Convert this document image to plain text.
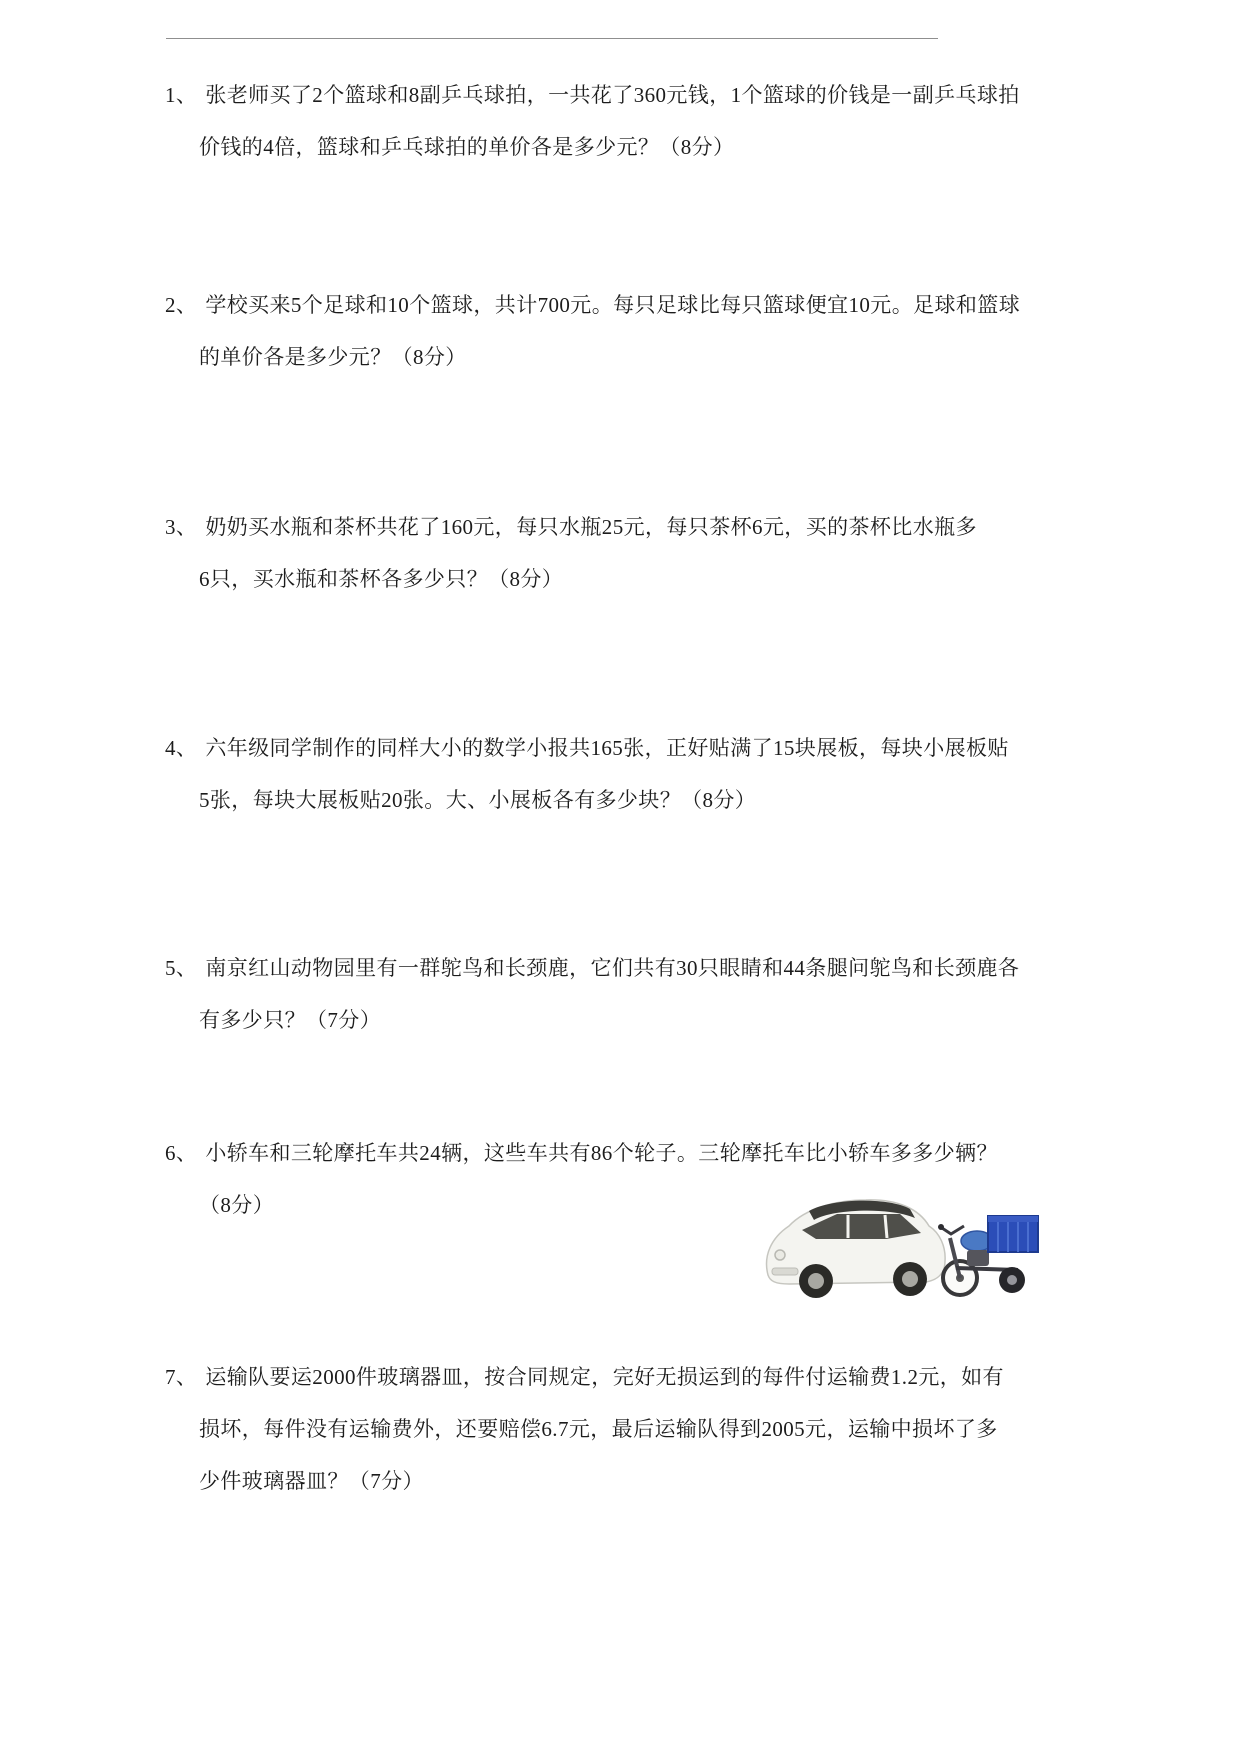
1、 张老师买了2个篮球和8副乒乓球拍，一共花了360元钱，1个篮球的价钱是一副乒乓球拍
价钱的4倍，篮球和乒乓球拍的单价各是多少元？（8分）
2、 学校买来5个足球和10个篮球，共计700元。每只足球比每只篮球便宜10元。足球和篮球
的单价各是多少元？（8分）
3、 奶奶买水瓶和茶杯共花了160元，每只水瓶25元，每只茶杯6元，买的茶杯比水瓶多
6只，买水瓶和茶杯各多少只？（8分）
4、 六年级同学制作的同样大小的数学小报共165张，正好贴满了15块展板，每块小展板贴
5张，每块大展板贴20张。大、小展板各有多少块？（8分）
5、 南京红山动物园里有一群鸵鸟和长颈鹿，它们共有30只眼睛和44条腿问鸵鸟和长颈鹿各
有多少只？（7分）
6、 小轿车和三轮摩托车共24辆，这些车共有86个轮子。三轮摩托车比小轿车多多少辆？
（8分）
7、 运输队要运2000件玻璃器皿，按合同规定，完好无损运到的每件付运输费1.2元，如有
损坏，每件没有运输费外，还要赔偿6.7元，最后运输队得到2005元，运输中损坏了多
少件玻璃器皿？（7分）
